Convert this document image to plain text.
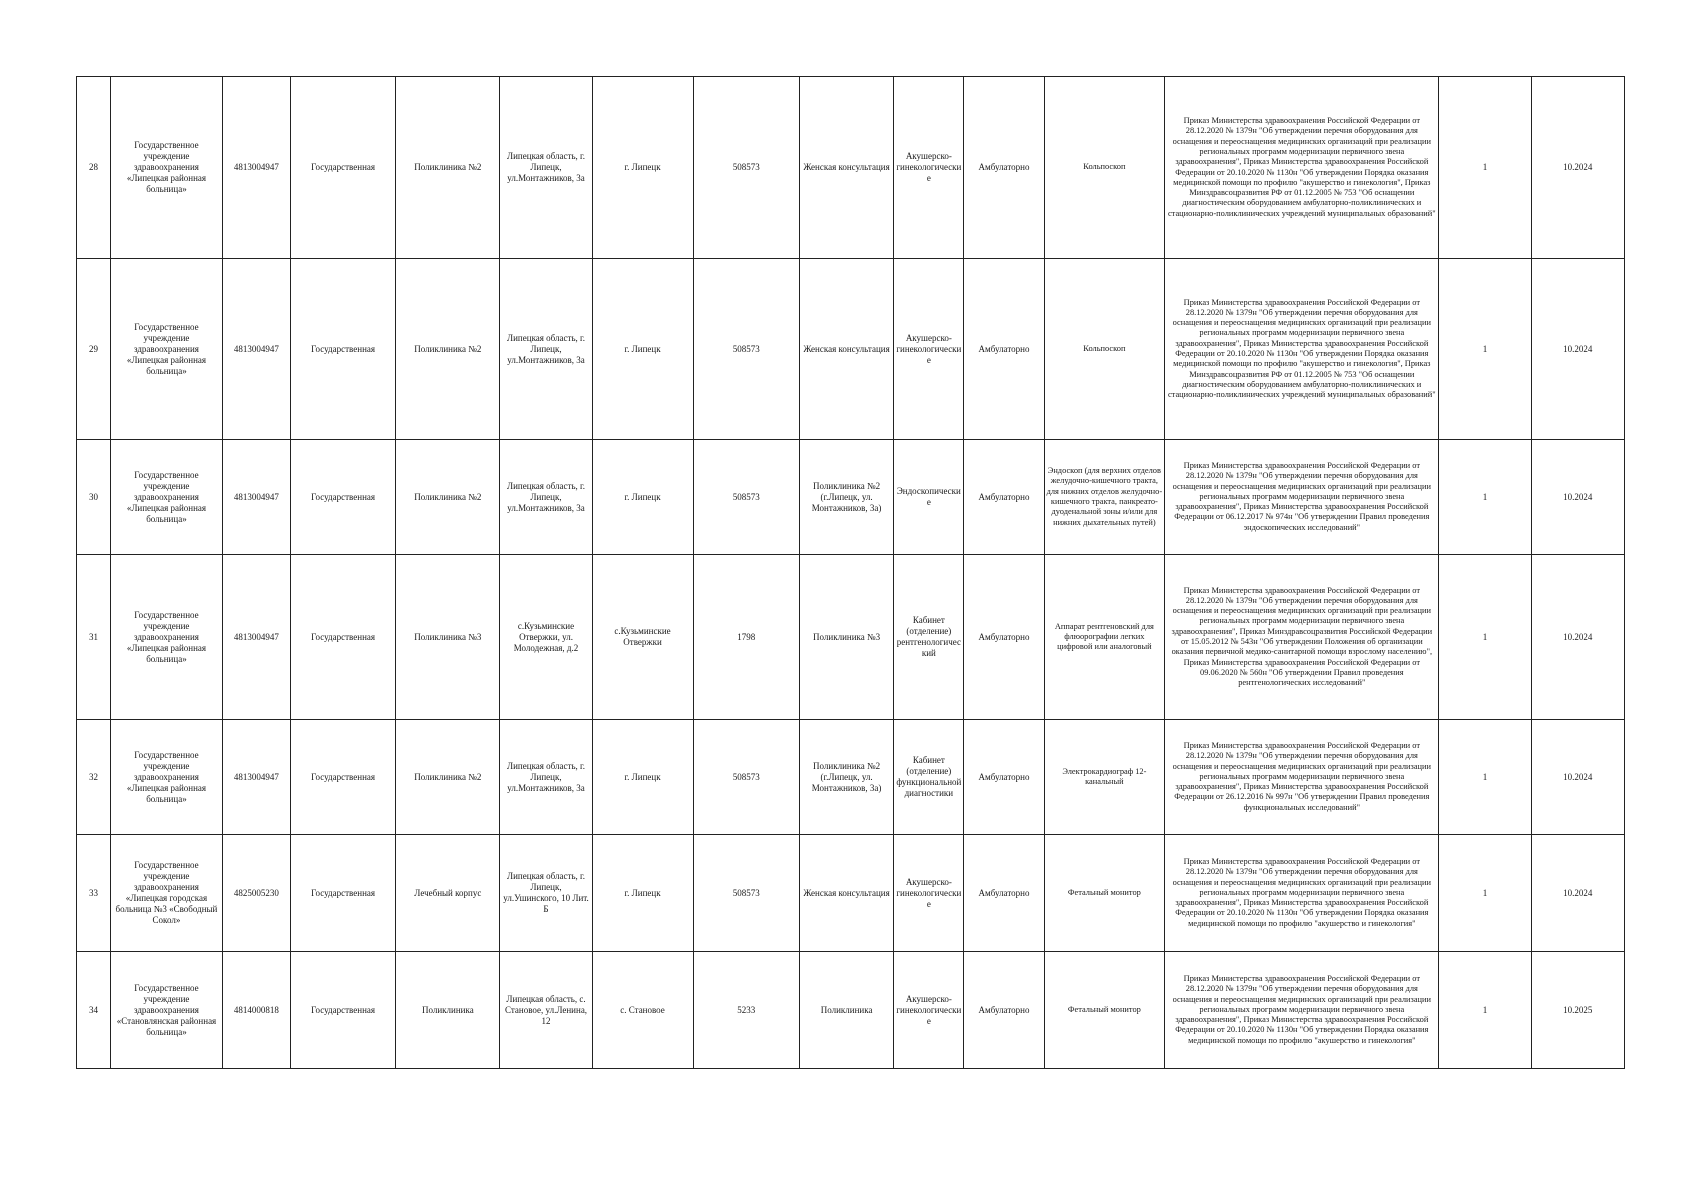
28	Государственное учреждение здравоохранения «Липецкая районная больница»	4813004947	Государственная	Поликлиника №2	Липецкая область, г. Липецк, ул.Монтажников, 3а	г. Липецк	508573	Женская консультация	Акушерско-гинекологические	Амбулаторно	Кольпоскоп	Приказ Министерства здравоохранения Российской Федерации от 28.12.2020 № 1379н "Об утверждении перечня оборудования для оснащения и переоснащения медицинских организаций при реализации региональных программ модернизации первичного звена здравоохранения", Приказ Министерства здравоохранения Российской Федерации от 20.10.2020 № 1130н "Об утверждении Порядка оказания медицинской помощи по профилю "акушерство и гинекология", Приказ Минздравсоцразвития РФ от 01.12.2005 № 753 "Об оснащении диагностическим оборудованием амбулаторно-поликлинических и стационарно-поликлинических учреждений муниципальных образований"	1	10.2024
29	Государственное учреждение здравоохранения «Липецкая районная больница»	4813004947	Государственная	Поликлиника №2	Липецкая область, г. Липецк, ул.Монтажников, 3а	г. Липецк	508573	Женская консультация	Акушерско-гинекологические	Амбулаторно	Кольпоскоп	Приказ Министерства здравоохранения Российской Федерации от 28.12.2020 № 1379н "Об утверждении перечня оборудования для оснащения и переоснащения медицинских организаций при реализации региональных программ модернизации первичного звена здравоохранения", Приказ Министерства здравоохранения Российской Федерации от 20.10.2020 № 1130н "Об утверждении Порядка оказания медицинской помощи по профилю "акушерство и гинекология", Приказ Минздравсоцразвития РФ от 01.12.2005 № 753 "Об оснащении диагностическим оборудованием амбулаторно-поликлинических и стационарно-поликлинических учреждений муниципальных образований"	1	10.2024
30	Государственное учреждение здравоохранения «Липецкая районная больница»	4813004947	Государственная	Поликлиника №2	Липецкая область, г. Липецк, ул.Монтажников, 3а	г. Липецк	508573	Поликлиника №2 (г.Липецк, ул. Монтажников, 3а)	Эндоскопические	Амбулаторно	Эндоскоп (для верхних отделов желудочно-кишечного тракта, для нижних отделов желудочно-кишечного тракта, панкреато-дуоденальной зоны и/или для нижних дыхательных путей)	Приказ Министерства здравоохранения Российской Федерации от 28.12.2020 № 1379н "Об утверждении перечня оборудования для оснащения и переоснащения медицинских организаций при реализации региональных программ модернизации первичного звена здравоохранения", Приказ Министерства здравоохранения Российской Федерации от 06.12.2017 № 974н "Об утверждении Правил проведения эндоскопических исследований"	1	10.2024
31	Государственное учреждение здравоохранения «Липецкая районная больница»	4813004947	Государственная	Поликлиника №3	с.Кузьминские Отвержки, ул. Молодежная, д.2	с.Кузьминские Отвержки	1798	Поликлиника №3	Кабинет (отделение) рентгенологический	Амбулаторно	Аппарат рентгеновский для флюорографии легких цифровой или аналоговый	Приказ Министерства здравоохранения Российской Федерации от 28.12.2020 № 1379н "Об утверждении перечня оборудования для оснащения и переоснащения медицинских организаций при реализации региональных программ модернизации первичного звена здравоохранения", Приказ Минздравсоцразвития Российской Федерации от 15.05.2012 № 543н "Об утверждении Положения об организации оказания первичной медико-санитарной помощи взрослому населению", Приказ Министерства здравоохранения Российской Федерации от 09.06.2020 № 560н "Об утверждении Правил проведения рентгенологических исследований"	1	10.2024
32	Государственное учреждение здравоохранения «Липецкая районная больница»	4813004947	Государственная	Поликлиника №2	Липецкая область, г. Липецк, ул.Монтажников, 3а	г. Липецк	508573	Поликлиника №2 (г.Липецк, ул. Монтажников, 3а)	Кабинет (отделение) функциональной диагностики	Амбулаторно	Электрокардиограф 12-канальный	Приказ Министерства здравоохранения Российской Федерации от 28.12.2020 № 1379н "Об утверждении перечня оборудования для оснащения и переоснащения медицинских организаций при реализации региональных программ модернизации первичного звена здравоохранения", Приказ Министерства здравоохранения Российской Федерации от 26.12.2016 № 997н "Об утверждении Правил проведения функциональных исследований"	1	10.2024
33	Государственное учреждение здравоохранения «Липецкая городская больница №3 «Свободный Сокол»	4825005230	Государственная	Лечебный корпус	Липецкая область, г. Липецк, ул.Ушинского, 10 Лит. Б	г. Липецк	508573	Женская консультация	Акушерско-гинекологические	Амбулаторно	Фетальный монитор	Приказ Министерства здравоохранения Российской Федерации от 28.12.2020 № 1379н "Об утверждении перечня оборудования для оснащения и переоснащения медицинских организаций при реализации региональных программ модернизации первичного звена здравоохранения", Приказ Министерства здравоохранения Российской Федерации от 20.10.2020 № 1130н "Об утверждении Порядка оказания медицинской помощи по профилю "акушерство и гинекология"	1	10.2024
34	Государственное учреждение здравоохранения «Становлянская районная больница»	4814000818	Государственная	Поликлиника	Липецкая область, с. Становое, ул.Ленина, 12	с. Становое	5233	Поликлиника	Акушерско-гинекологические	Амбулаторно	Фетальный монитор	Приказ Министерства здравоохранения Российской Федерации от 28.12.2020 № 1379н "Об утверждении перечня оборудования для оснащения и переоснащения медицинских организаций при реализации региональных программ модернизации первичного звена здравоохранения", Приказ Министерства здравоохранения Российской Федерации от 20.10.2020 № 1130н "Об утверждении Порядка оказания медицинской помощи по профилю "акушерство и гинекология"	1	10.2025
